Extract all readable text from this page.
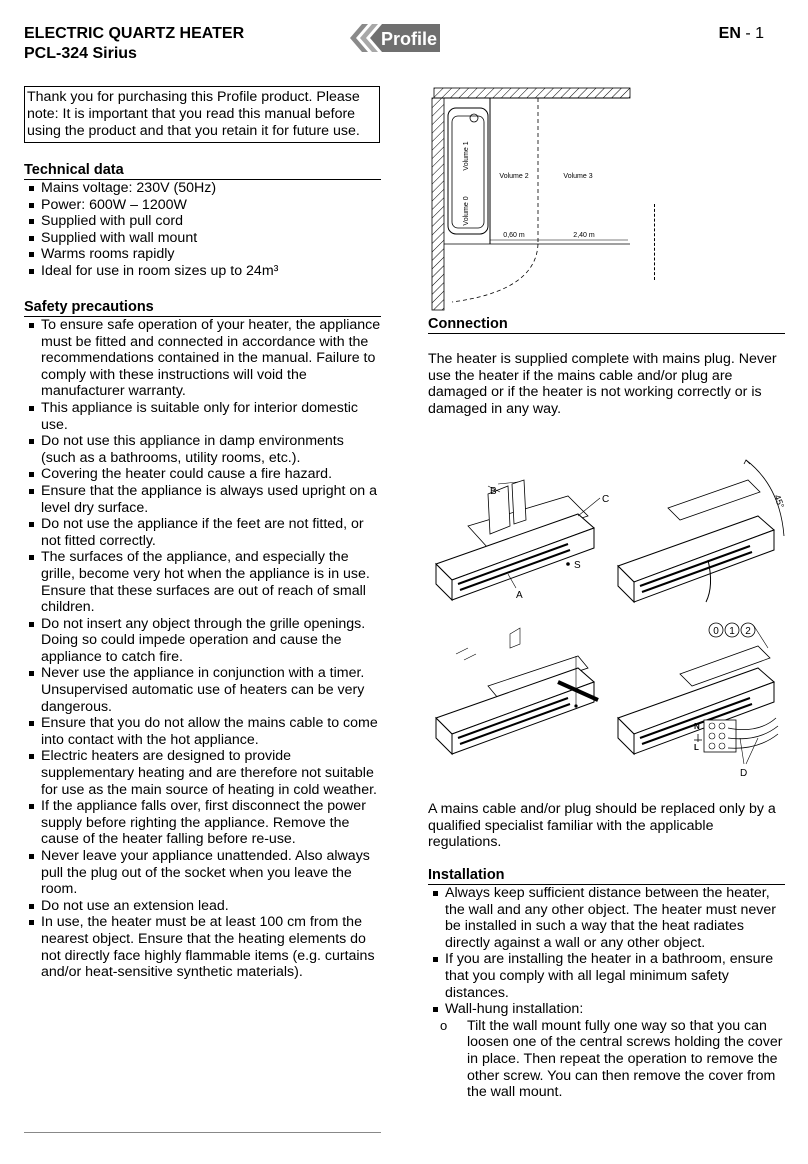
ELECTRIC QUARTZ HEATER
PCL-324 Sirius
Profile	EN - 1

Thank you for purchasing this Profile product. Please note: It is important that you read this manual before using the product and that you retain it for future use.

Technical data
Mains voltage: 230V (50Hz)
Power: 600W – 1200W
Supplied with pull cord
Supplied with wall mount
Warms rooms rapidly
Ideal for use in room sizes up to 24m³
Safety precautions
To ensure safe operation of your heater, the appliance must be fitted and connected in accordance with the recommendations contained in the manual. Failure to comply with these instructions will void the manufacturer warranty.
This appliance is suitable only for interior domestic use.
Do not use this appliance in damp environments (such as a bathrooms, utility rooms, etc.).
Covering the heater could cause a fire hazard.
Ensure that the appliance is always used upright on a level dry surface.
Do not use the appliance if the feet are not fitted, or not fitted correctly.
The surfaces of the appliance, and especially the grille, become very hot when the appliance is in use. Ensure that these surfaces are out of reach of small children.
Do not insert any object through the grille openings. Doing so could impede operation and cause the appliance to catch fire.
Never use the appliance in conjunction with a timer. Unsupervised automatic use of heaters can be very dangerous.
Ensure that you do not allow the mains cable to come into contact with the hot appliance.
Electric heaters are designed to provide supplementary heating and are therefore not suitable for use as the main source of heating in cold weather.
If the appliance falls over, first disconnect the power supply before righting the appliance. Remove the cause of the heater falling before re-use.
Never leave your appliance unattended. Also always pull the plug out of the socket when you leave the room.
Do not use an extension lead.
In use, the heater must be at least 100 cm from the nearest object. Ensure that the heating elements do not directly face highly flammable items (e.g. curtains and/or heat-sensitive synthetic materials).
Volume 1
Volume 0
Volume 2	Volume 3
0,60 m	2,40 m
Connection

The heater is supplied complete with mains plug. Never use the heater if the mains cable and/or plug are damaged or if the heater is not working correctly or is damaged in any way.

B
C
A
S
45°
0 1 2
N
L
D

A mains cable and/or plug should be replaced only by a qualified specialist familiar with the applicable regulations.

Installation
Always keep sufficient distance between the heater, the wall and any other object. The heater must never be installed in such a way that the heat radiates directly against a wall or any other object.
If you are installing the heater in a bathroom, ensure that you comply with all legal minimum safety distances.
Wall-hung installation:
o Tilt the wall mount fully one way so that you can loosen one of the central screws holding the cover in place. Then repeat the operation to remove the other screw. You can then remove the cover from the wall mount.
